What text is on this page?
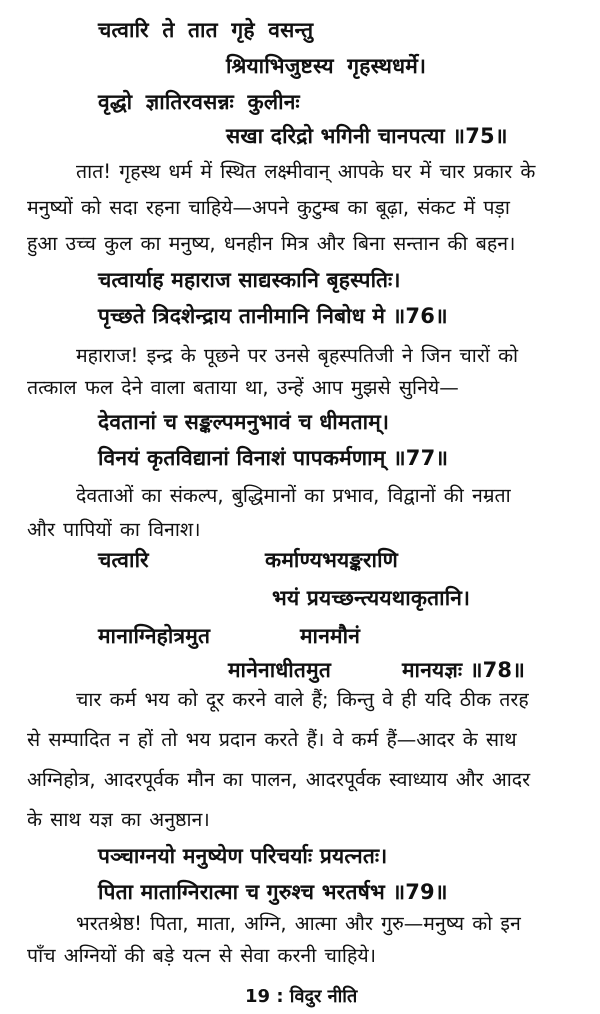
चत्वारि ते तात गृहे वसन्तु
श्रियाभिजुष्टस्य गृहस्थधर्मे।
वृद्धो ज्ञातिरवसन्नः कुलीनः
सखा दरिद्रो भगिनी चानपत्या ॥75॥
तात! गृहस्थ धर्म में स्थित लक्ष्मीवान् आपके घर में चार प्रकार के
मनुष्यों को सदा रहना चाहिये—अपने कुटुम्ब का बूढ़ा, संकट में पड़ा
हुआ उच्च कुल का मनुष्य, धनहीन मित्र और बिना सन्तान की बहन।
चत्वार्याह महाराज साद्यस्कानि बृहस्पतिः।
पृच्छते त्रिदशेन्द्राय तानीमानि निबोध मे ॥76॥
महाराज! इन्द्र के पूछने पर उनसे बृहस्पतिजी ने जिन चारों को
तत्काल फल देने वाला बताया था, उन्हें आप मुझसे सुनिये—
देवतानां च सङ्कल्पमनुभावं च धीमताम्।
विनयं कृतविद्यानां विनाशं पापकर्मणाम् ॥77॥
देवताओं का संकल्प, बुद्धिमानों का प्रभाव, विद्वानों की नम्रता
और पापियों का विनाश।
चत्वारि	कर्माण्यभयङ्कराणि
भयं प्रयच्छन्त्ययथाकृतानि।
मानाग्निहोत्रमुत	मानमौनं
मानेनाधीतमुत	मानयज्ञः ॥78॥
चार कर्म भय को दूर करने वाले हैं; किन्तु वे ही यदि ठीक तरह
से सम्पादित न हों तो भय प्रदान करते हैं। वे कर्म हैं—आदर के साथ
अग्निहोत्र, आदरपूर्वक मौन का पालन, आदरपूर्वक स्वाध्याय और आदर
के साथ यज्ञ का अनुष्ठान।
19 : विदुर नीति
पञ्चाग्नयो मनुष्येण परिचर्याः प्रयत्नतः।
पिता माताग्निरात्मा च गुरुश्च भरतर्षभ ॥79॥
भरतश्रेष्ठ! पिता, माता, अग्नि, आत्मा और गुरु—मनुष्य को इन
पाँच अग्नियों की बड़े यत्न से सेवा करनी चाहिये।
